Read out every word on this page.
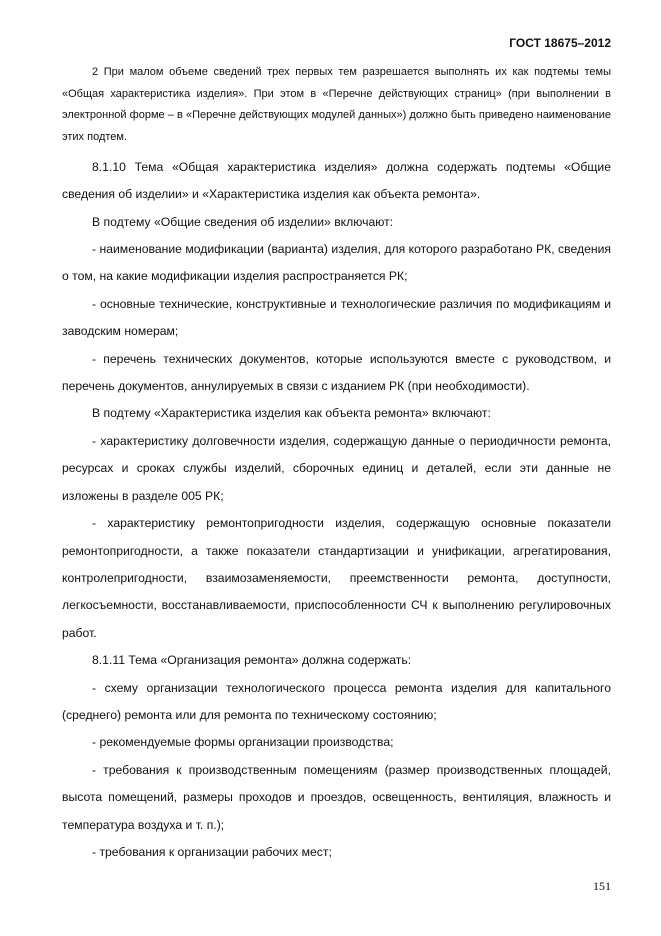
ГОСТ 18675–2012

2 При малом объеме сведений трех первых тем разрешается выполнять их как подтемы темы «Общая характеристика изделия». При этом в «Перечне действующих страниц» (при выполнении в электронной форме – в «Перечне действующих модулей данных») должно быть приведено наименование этих подтем.

8.1.10 Тема «Общая характеристика изделия» должна содержать подтемы «Общие сведения об изделии» и «Характеристика изделия как объекта ремонта».

В подтему «Общие сведения об изделии» включают:

- наименование модификации (варианта) изделия, для которого разработано РК, сведения о том, на какие модификации изделия распространяется РК;

- основные технические, конструктивные и технологические различия по модификациям и заводским номерам;

- перечень технических документов, которые используются вместе с руководством, и перечень документов, аннулируемых в связи с изданием РК (при необходимости).

В подтему «Характеристика изделия как объекта ремонта» включают:

- характеристику долговечности изделия, содержащую данные о периодичности ремонта, ресурсах и сроках службы изделий, сборочных единиц и деталей, если эти данные не изложены в разделе 005 РК;

- характеристику ремонтопригодности изделия, содержащую основные показатели ремонтопригодности, а также показатели стандартизации и унификации, агрегатирования, контролепригодности, взаимозаменяемости, преемственности ремонта, доступности, легкосъемности, восстанавливаемости, приспособленности СЧ к выполнению регулировочных работ.

8.1.11 Тема «Организация ремонта» должна содержать:

- схему организации технологического процесса ремонта изделия для капитального (среднего) ремонта или для ремонта по техническому состоянию;

- рекомендуемые формы организации производства;

- требования к производственным помещениям (размер производственных площадей, высота помещений, размеры проходов и проездов, освещенность, вентиляция, влажность и температура воздуха и т. п.);

- требования к организации рабочих мест;

151
